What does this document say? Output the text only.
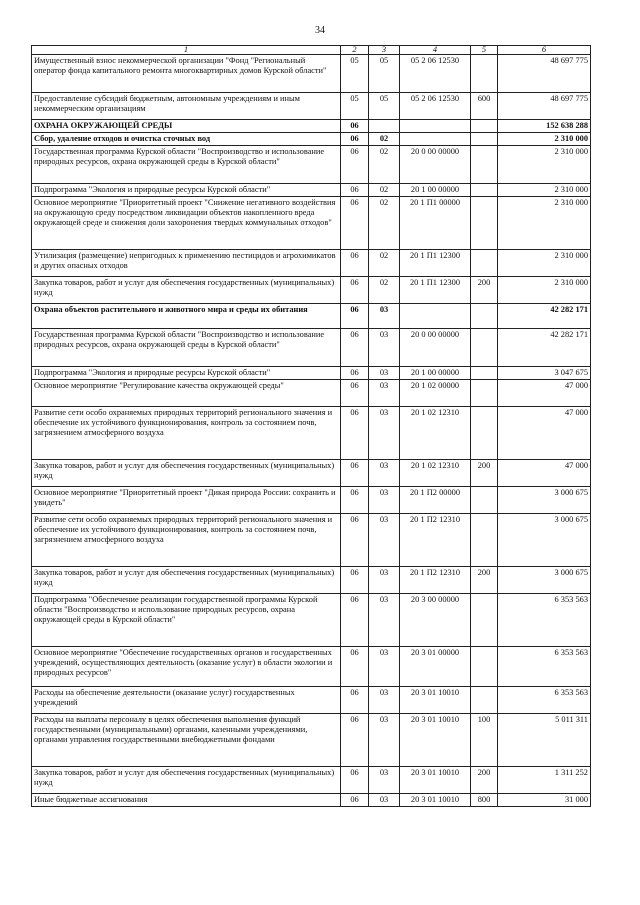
34
1	2	3	4	5	6
Имущественный взнос некоммерческой организации "Фонд "Региональный оператор фонда капитального ремонта многоквартирных домов Курской области"	05	05	05 2 06 12530		48 697 775
Предоставление субсидий бюджетным, автономным учреждениям и иным некоммерческим организациям	05	05	05 2 06 12530	600	48 697 775
ОХРАНА ОКРУЖАЮЩЕЙ СРЕДЫ	06				152 638 288
Сбор, удаление отходов и очистка сточных вод	06	02			2 310 000
Государственная программа Курской области "Воспроизводство и использование природных ресурсов, охрана окружающей среды в Курской области"	06	02	20 0 00 00000		2 310 000
Подпрограмма "Экология и природные ресурсы Курской области"	06	02	20 1 00 00000		2 310 000
Основное мероприятие "Приоритетный проект "Снижение негативного воздействия на окружающую среду посредством ликвидации объектов накопленного вреда окружающей среде и снижения доли захоронения твердых коммунальных отходов"	06	02	20 1 П1 00000		2 310 000
Утилизация (размещение) непригодных к применению пестицидов и агрохимикатов и других опасных отходов	06	02	20 1 П1 12300		2 310 000
Закупка товаров, работ и услуг для обеспечения государственных (муниципальных) нужд	06	02	20 1 П1 12300	200	2 310 000
Охрана объектов растительного и животного мира и среды их обитания	06	03			42 282 171
Государственная программа Курской области "Воспроизводство и использование природных ресурсов, охрана окружающей среды в Курской области"	06	03	20 0 00 00000		42 282 171
Подпрограмма "Экология и природные ресурсы Курской области"	06	03	20 1 00 00000		3 047 675
Основное мероприятие "Регулирование качества окружающей среды"	06	03	20 1 02 00000		47 000
Развитие сети особо охраняемых природных территорий регионального значения и обеспечение их устойчивого функционирования, контроль за состоянием почв, загрязнением атмосферного воздуха	06	03	20 1 02 12310		47 000
Закупка товаров, работ и услуг для обеспечения государственных (муниципальных) нужд	06	03	20 1 02 12310	200	47 000
Основное мероприятие "Приоритетный проект "Дикая природа России: сохранить и увидеть"	06	03	20 1 П2 00000		3 000 675
Развитие сети особо охраняемых природных территорий регионального значения и обеспечение их устойчивого функционирования, контроль за состоянием почв, загрязнением атмосферного воздуха	06	03	20 1 П2 12310		3 000 675
Закупка товаров, работ и услуг для обеспечения государственных (муниципальных) нужд	06	03	20 1 П2 12310	200	3 000 675
Подпрограмма "Обеспечение реализации государственной программы Курской области "Воспроизводство и использование природных ресурсов, охрана окружающей среды в Курской области"	06	03	20 3 00 00000		6 353 563
Основное мероприятие "Обеспечение государственных органов и государственных учреждений, осуществляющих деятельность (оказание услуг) в области экологии и природных ресурсов"	06	03	20 3 01 00000		6 353 563
Расходы на обеспечение деятельности (оказание услуг) государственных учреждений	06	03	20 3 01 10010		6 353 563
Расходы на выплаты персоналу в целях обеспечения выполнения функций государственными (муниципальными) органами, казенными учреждениями, органами управления государственными внебюджетными фондами	06	03	20 3 01 10010	100	5 011 311
Закупка товаров, работ и услуг для обеспечения государственных (муниципальных) нужд	06	03	20 3 01 10010	200	1 311 252
Иные бюджетные ассигнования	06	03	20 3 01 10010	800	31 000
